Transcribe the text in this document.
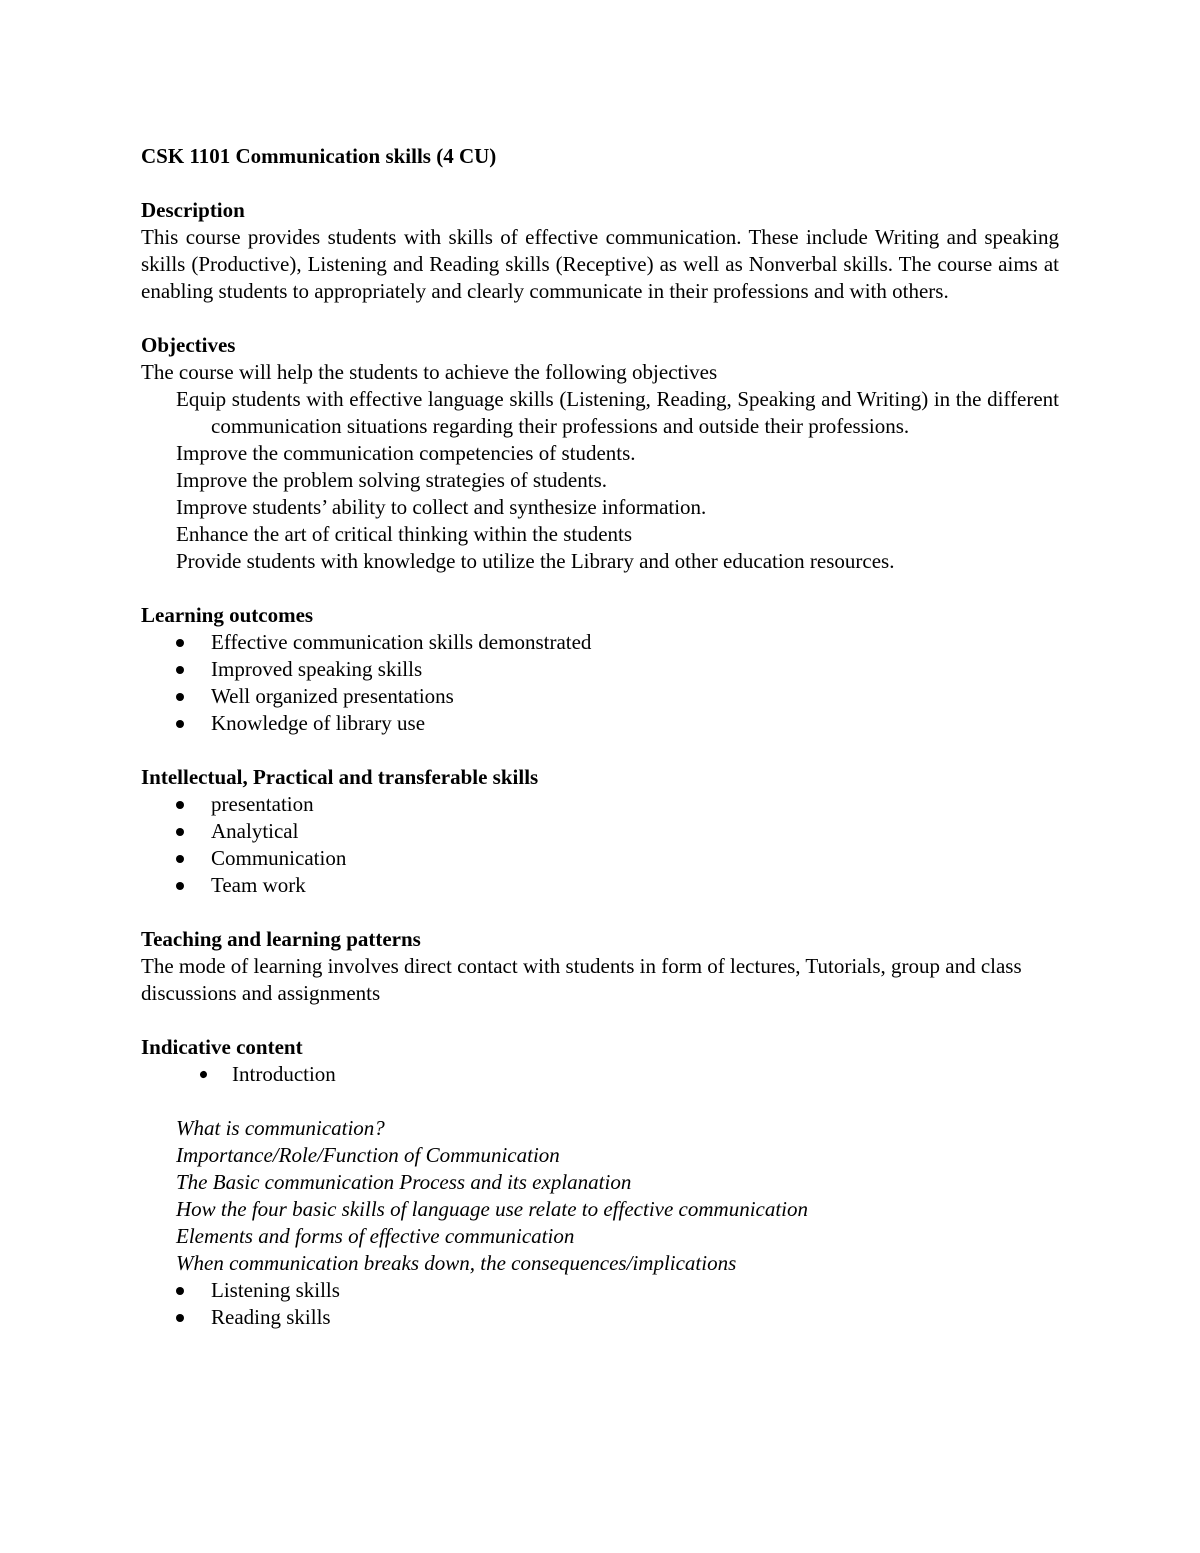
CSK 1101 Communication skills (4 CU)
Description

This course provides students with skills of effective communication. These include Writing and speaking skills (Productive), Listening and Reading skills (Receptive) as well as Nonverbal skills. The course aims at enabling students to appropriately and clearly communicate in their professions and with others.

Objectives

The course will help the students to achieve the following objectives

Equip students with effective language skills (Listening, Reading, Speaking and Writing) in the different communication situations regarding their professions and outside their professions.
Improve the communication competencies of students.
Improve the problem solving strategies of students.
Improve students’ ability to collect and synthesize information.
Enhance the art of critical thinking within the students
Provide students with knowledge to utilize the Library and other education resources.
Learning outcomes
Effective communication skills demonstrated
Improved speaking skills
Well organized presentations
Knowledge of library use
Intellectual, Practical and transferable skills
presentation
Analytical
Communication
Team work
Teaching and learning patterns

The mode of learning involves direct contact with students in form of lectures, Tutorials, group and class discussions and assignments

Indicative content
Introduction
What is communication?
Importance/Role/Function of Communication
The Basic communication Process and its explanation
How the four basic skills of language use relate to effective communication
Elements and forms of effective communication
When communication breaks down, the consequences/implications
Listening skills
Reading skills
